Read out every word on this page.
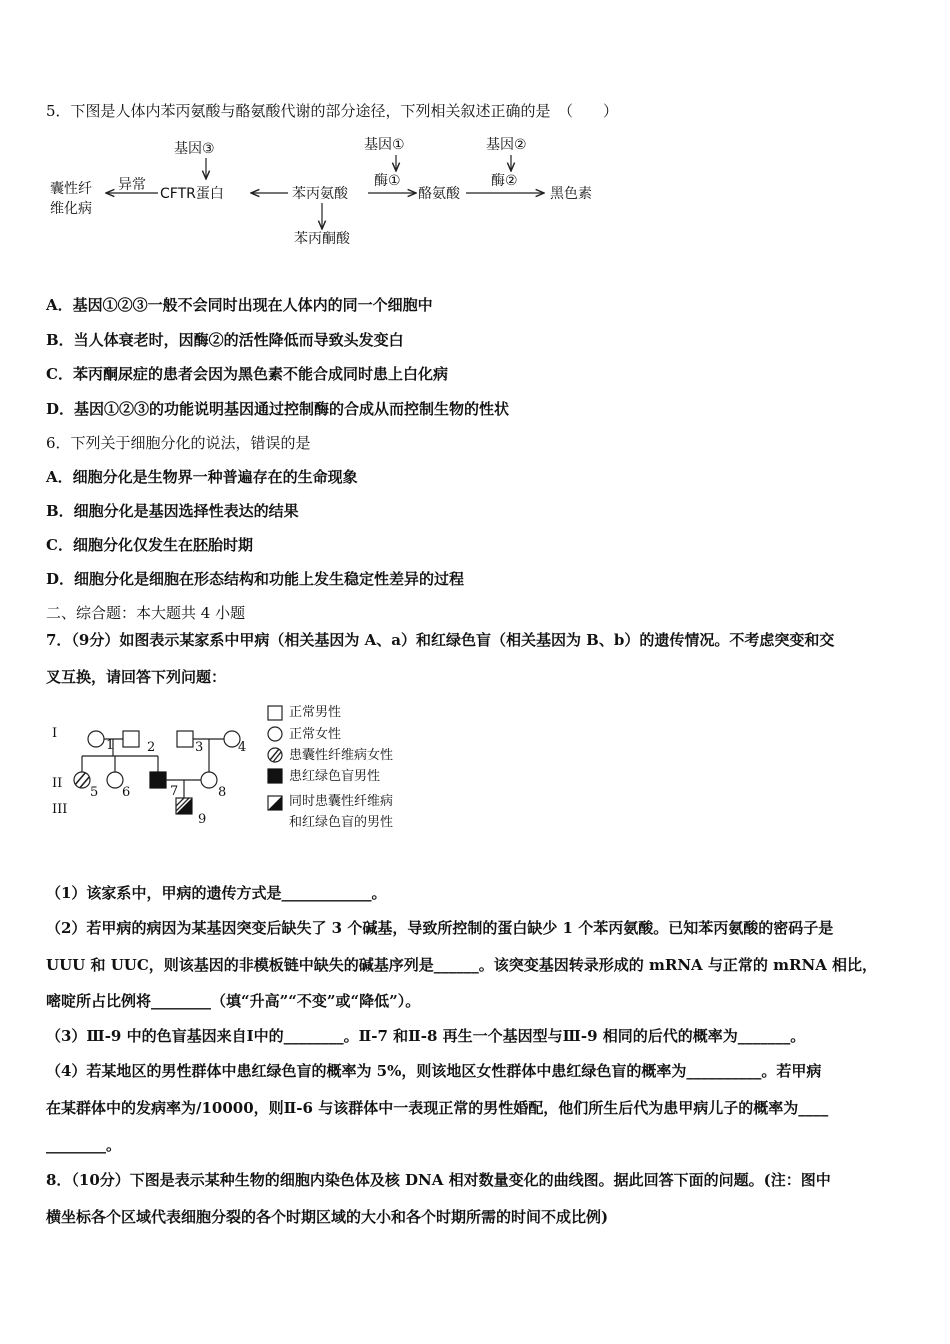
5．下图是人体内苯丙氨酸与酪氨酸代谢的部分途径，下列相关叙述正确的是　（　　）
基因③	基因①	基因②
囊性纤
维化病
异常
CFTR蛋白	苯丙氨酸
酶①
酪氨酸
酶②
黑色素
苯丙酮酸
A．基因①②③一般不会同时出现在人体内的同一个细胞中
B．当人体衰老时，因酶②的活性降低而导致头发变白
C．苯丙酮尿症的患者会因为黑色素不能合成同时患上白化病
D．基因①②③的功能说明基因通过控制酶的合成从而控制生物的性状
6．下列关于细胞分化的说法，错误的是
A．细胞分化是生物界一种普遍存在的生命现象
B．细胞分化是基因选择性表达的结果
C．细胞分化仅发生在胚胎时期
D．细胞分化是细胞在形态结构和功能上发生稳定性差异的过程
二、综合题：本大题共 4 小题
7．（9分）如图表示某家系中甲病（相关基因为 A、a）和红绿色盲（相关基因为 B、b）的遗传情况。不考虑突变和交
叉互换，请回答下列问题：
I
II
III
1	2	3	4
5 6	7	8
9
正常男性
正常女性
患囊性纤维病女性
患红绿色盲男性
同时患囊性纤维病
和红绿色盲的男性
（1）该家系中，甲病的遗传方式是____________。
（2）若甲病的病因为某基因突变后缺失了 3 个碱基，导致所控制的蛋白缺少 1 个苯丙氨酸。已知苯丙氨酸的密码子是
UUU 和 UUC，则该基因的非模板链中缺失的碱基序列是______。该突变基因转录形成的 mRNA 与正常的 mRNA 相比，
嘧啶所占比例将________（填“升高”“不变”或“降低”）。
（3）Ⅲ-9 中的色盲基因来自Ⅰ中的________。Ⅱ-7 和Ⅱ-8 再生一个基因型与Ⅲ-9 相同的后代的概率为_______。
（4）若某地区的男性群体中患红绿色盲的概率为 5%，则该地区女性群体中患红绿色盲的概率为__________。若甲病
在某群体中的发病率为/10000，则Ⅱ-6 与该群体中一表现正常的男性婚配，他们所生后代为患甲病儿子的概率为____
________。
8．（10分）下图是表示某种生物的细胞内染色体及核 DNA 相对数量变化的曲线图。据此回答下面的问题。(注：图中
横坐标各个区域代表细胞分裂的各个时期区域的大小和各个时期所需的时间不成比例)
